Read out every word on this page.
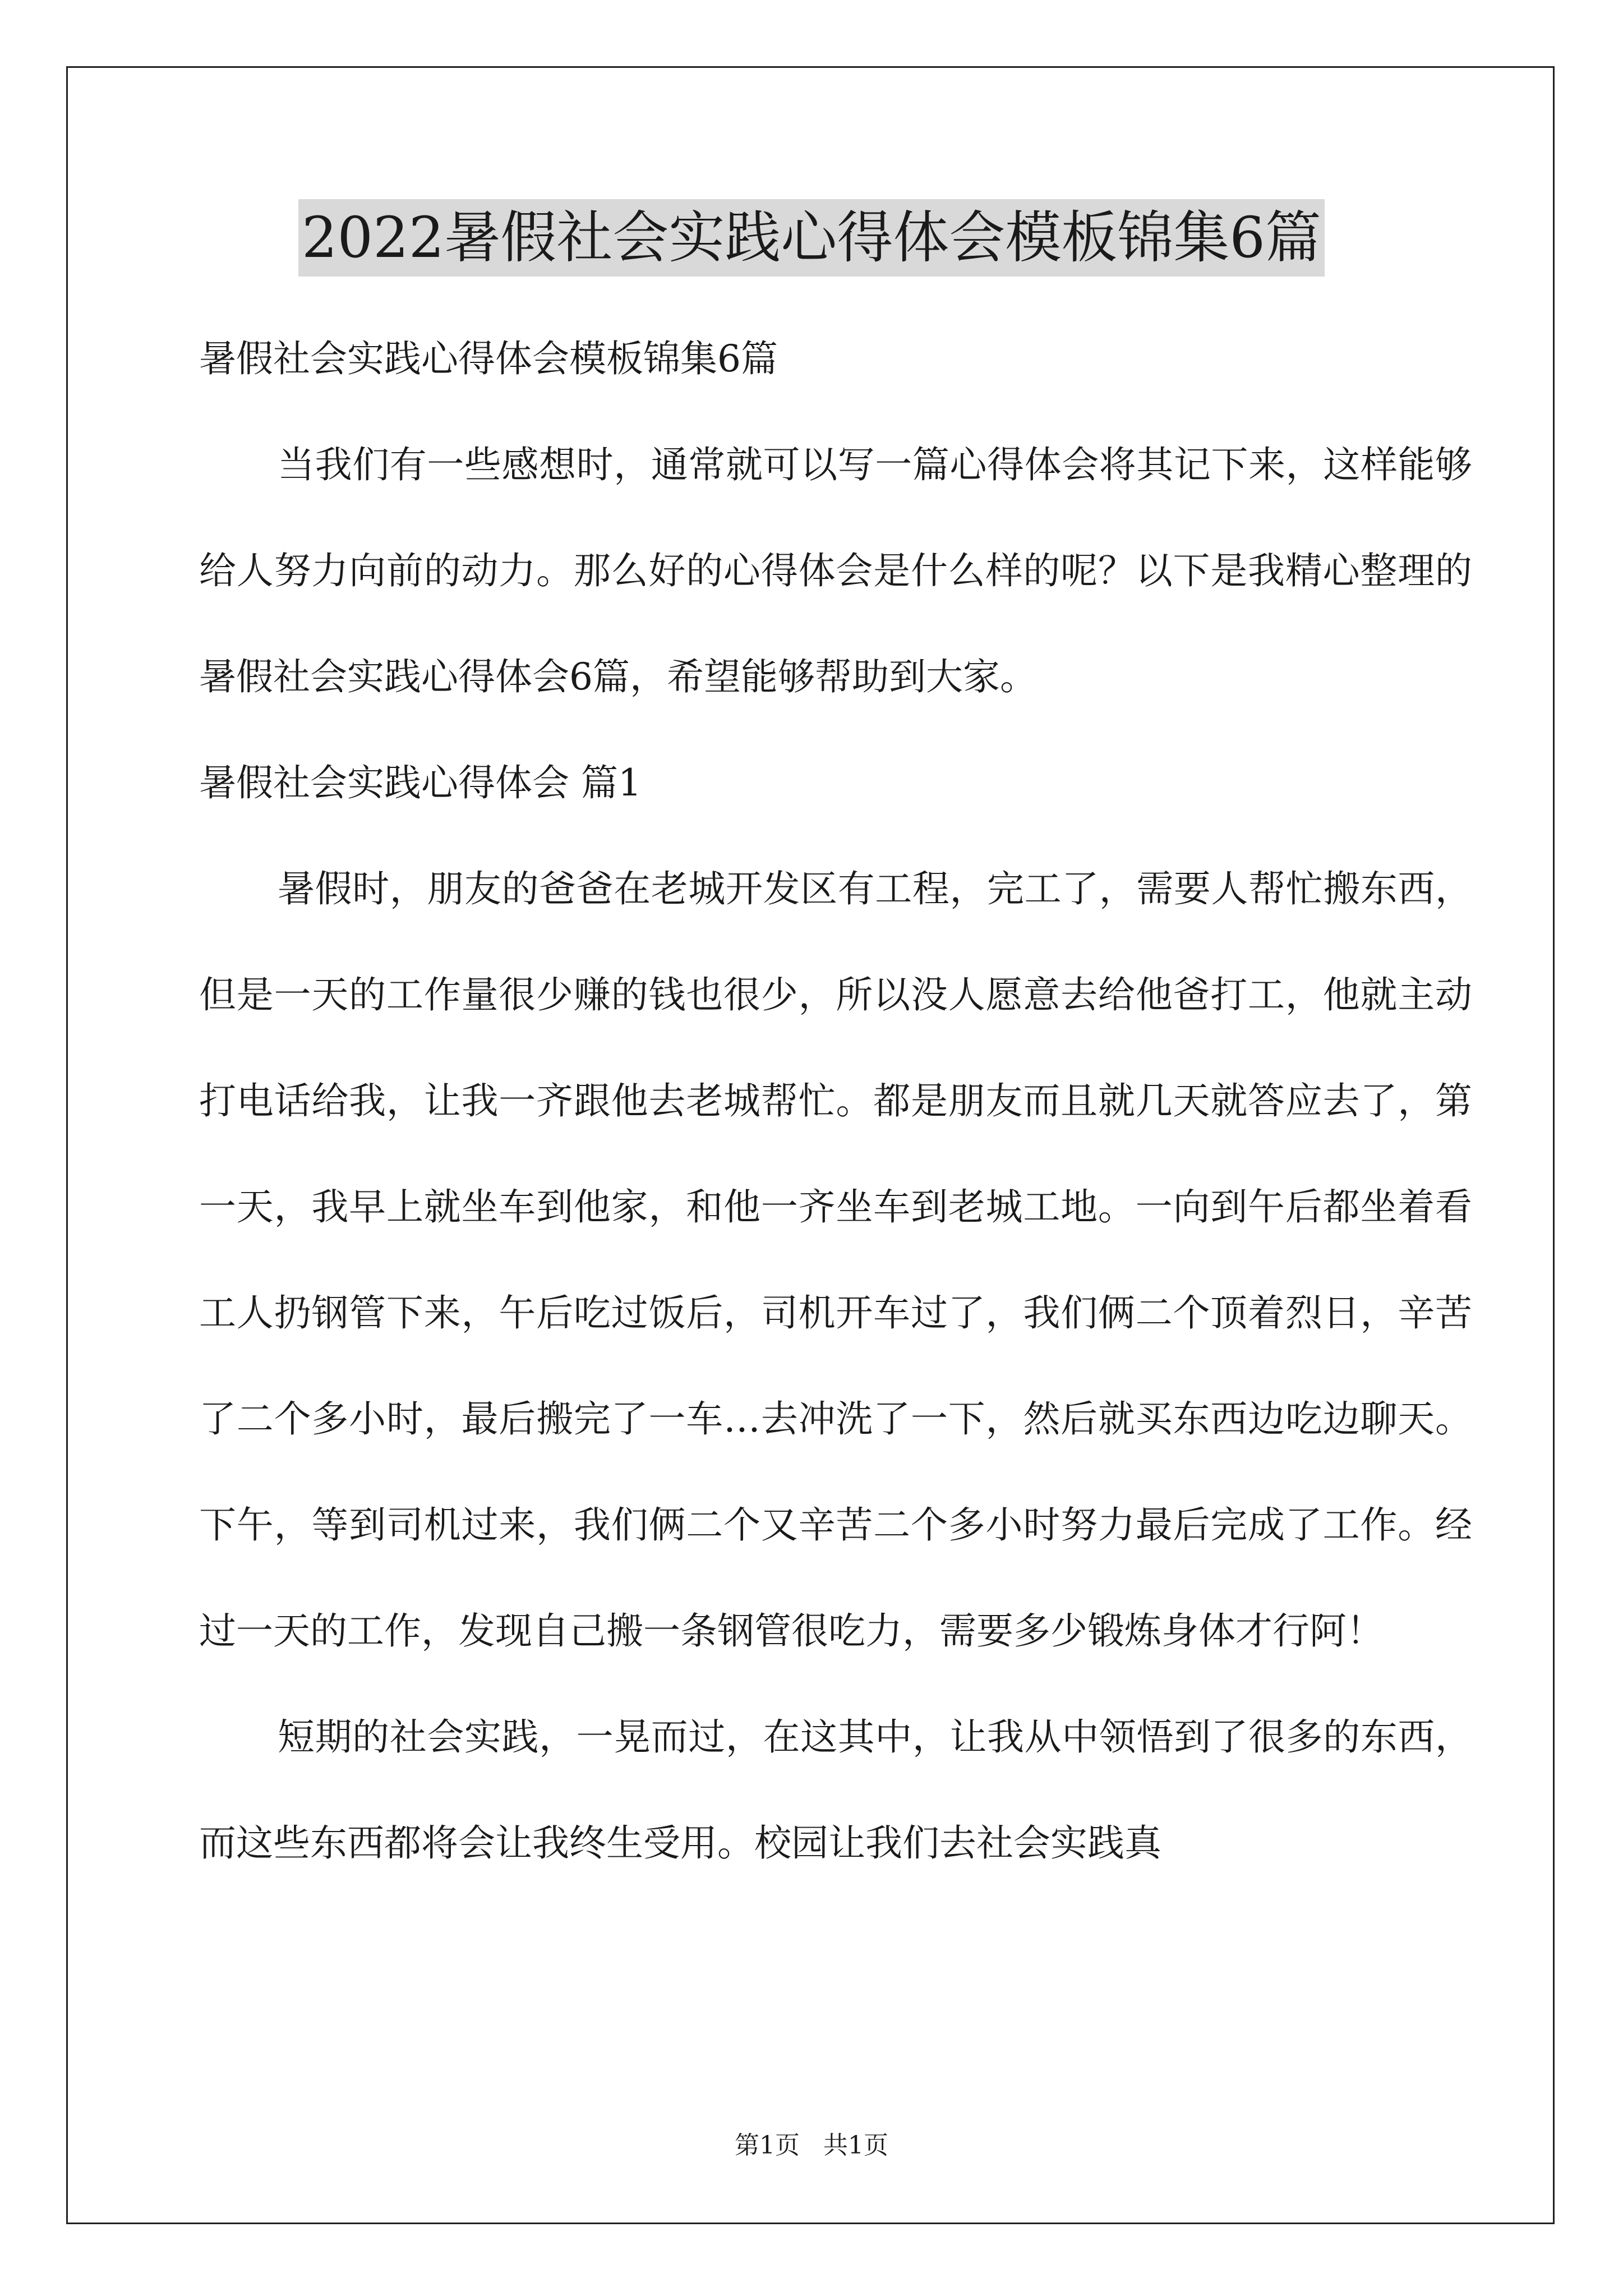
2022暑假社会实践心得体会模板锦集6篇

暑假社会实践心得体会模板锦集6篇

当我们有一些感想时，通常就可以写一篇心得体会将其记下来，这样能够给人努力向前的动力。那么好的心得体会是什么样的呢？以下是我精心整理的暑假社会实践心得体会6篇，希望能够帮助到大家。

暑假社会实践心得体会 篇1

暑假时，朋友的爸爸在老城开发区有工程，完工了，需要人帮忙搬东西，但是一天的工作量很少赚的钱也很少，所以没人愿意去给他爸打工，他就主动打电话给我，让我一齐跟他去老城帮忙。都是朋友而且就几天就答应去了，第一天，我早上就坐车到他家，和他一齐坐车到老城工地。一向到午后都坐着看工人扔钢管下来，午后吃过饭后，司机开车过了，我们俩二个顶着烈日，辛苦了二个多小时，最后搬完了一车…去冲洗了一下，然后就买东西边吃边聊天。下午，等到司机过来，我们俩二个又辛苦二个多小时努力最后完成了工作。经过一天的工作，发现自己搬一条钢管很吃力，需要多少锻炼身体才行阿！

短期的社会实践，一晃而过，在这其中，让我从中领悟到了很多的东西，而这些东西都将会让我终生受用。校园让我们去社会实践真

第1页   共1页
